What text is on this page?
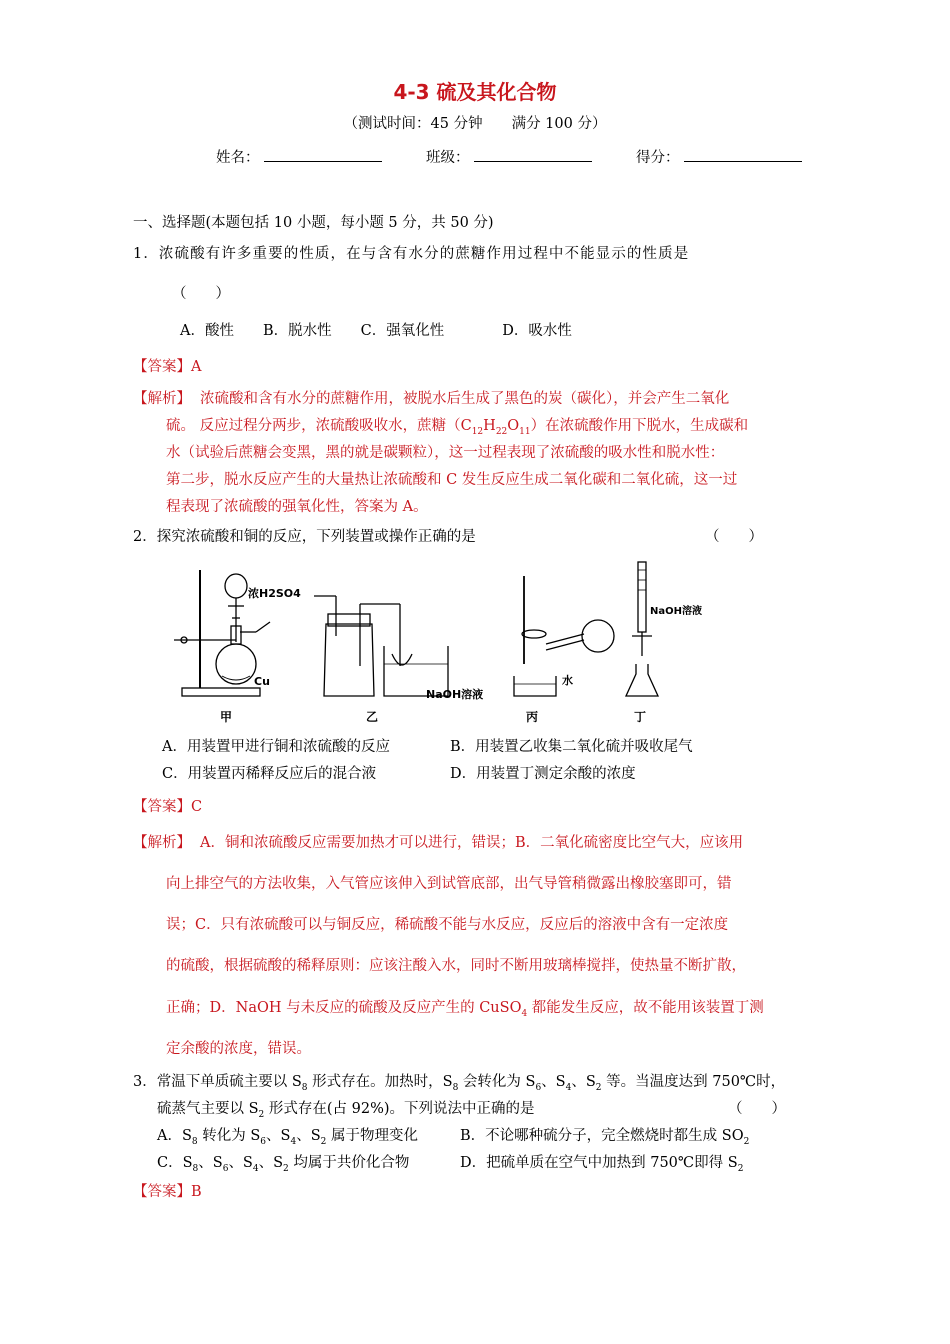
4-3 硫及其化合物
（测试时间：45 分钟　　满分 100 分）
姓名：	班级：	得分：
一、选择题(本题包括 10 小题，每小题 5 分，共 50 分)
1．浓硫酸有许多重要的性质，在与含有水分的蔗糖作用过程中不能显示的性质是
（　　）
A．酸性　　B．脱水性　　C．强氧化性　　　　D．吸水性
【答案】A
【解析】 浓硫酸和含有水分的蔗糖作用，被脱水后生成了黑色的炭（碳化），并会产生二氧化
硫。 反应过程分两步，浓硫酸吸收水，蔗糖$(C_{12}H_{22}O_{11})$在浓硫酸作用下脱水，生成碳和
水（试验后蔗糖会变黑，黑的就是碳颗粒），这一过程表现了浓硫酸的吸水性和脱水性：
第二步，脱水反应产生的大量热让浓硫酸和 C 发生反应生成二氧化碳和二氧化硫，这一过
程表现了浓硫酸的强氧化性，答案为 A。
2．探究浓硫酸和铜的反应，下列装置或操作正确的是	（　　）
浓H2SO4
Cu
甲
NaOH溶液
乙
水
丙
NaOH溶液
丁
A．用装置甲进行铜和浓硫酸的反应	B．用装置乙收集二氧化硫并吸收尾气
C．用装置丙稀释反应后的混合液	D．用装置丁测定余酸的浓度
【答案】C
【解析】 A．铜和浓硫酸反应需要加热才可以进行，错误；B．二氧化硫密度比空气大，应该用
向上排空气的方法收集，入气管应该伸入到试管底部，出气导管稍微露出橡胶塞即可，错
误；C．只有浓硫酸可以与铜反应，稀硫酸不能与水反应，反应后的溶液中含有一定浓度
的硫酸，根据硫酸的稀释原则：应该注酸入水，同时不断用玻璃棒搅拌，使热量不断扩散，
正确；D．NaOH 与未反应的硫酸及反应产生的 CuSO$_4$ 都能发生反应，故不能用该装置丁测
定余酸的浓度，错误。
3．常温下单质硫主要以 $S_8$ 形式存在。加热时，$S_8$ 会转化为 $S_6$、$S_4$、$S_2$ 等。当温度达到 750℃时，
硫蒸气主要以 $S_2$ 形式存在(占 92%)。下列说法中正确的是	（　　）
A．$S_8$ 转化为 $S_6$、$S_4$、$S_2$ 属于物理变化	B．不论哪种硫分子，完全燃烧时都生成 $SO_2$
C．$S_8$、$S_6$、$S_4$、$S_2$ 均属于共价化合物	D．把硫单质在空气中加热到 750℃即得 $S_2$
【答案】B
